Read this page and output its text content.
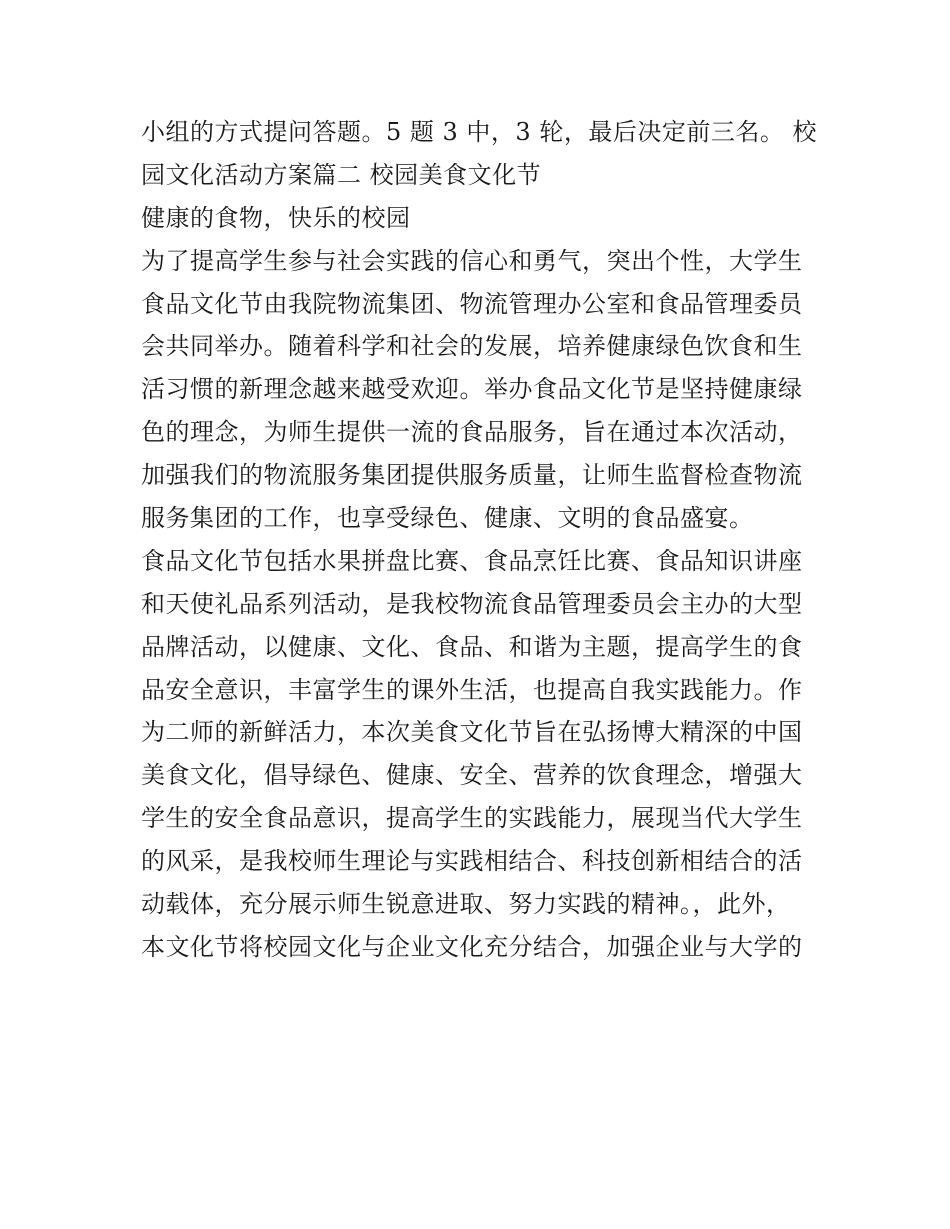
小组的方式提问答题。5 题 3 中，3 轮，最后决定前三名。 校
园文化活动方案篇二 校园美食文化节
健康的食物，快乐的校园
为了提高学生参与社会实践的信心和勇气，突出个性，大学生
食品文化节由我院物流集团、物流管理办公室和食品管理委员
会共同举办。随着科学和社会的发展，培养健康绿色饮食和生
活习惯的新理念越来越受欢迎。举办食品文化节是坚持健康绿
色的理念，为师生提供一流的食品服务，旨在通过本次活动，
加强我们的物流服务集团提供服务质量，让师生监督检查物流
服务集团的工作，也享受绿色、健康、文明的食品盛宴。
食品文化节包括水果拼盘比赛、食品烹饪比赛、食品知识讲座
和天使礼品系列活动，是我校物流食品管理委员会主办的大型
品牌活动，以健康、文化、食品、和谐为主题，提高学生的食
品安全意识，丰富学生的课外生活，也提高自我实践能力。作
为二师的新鲜活力，本次美食文化节旨在弘扬博大精深的中国
美食文化，倡导绿色、健康、安全、营养的饮食理念，增强大
学生的安全食品意识，提高学生的实践能力，展现当代大学生
的风采，是我校师生理论与实践相结合、科技创新相结合的活
动载体，充分展示师生锐意进取、努力实践的精神。，此外，
本文化节将校园文化与企业文化充分结合，加强企业与大学的
